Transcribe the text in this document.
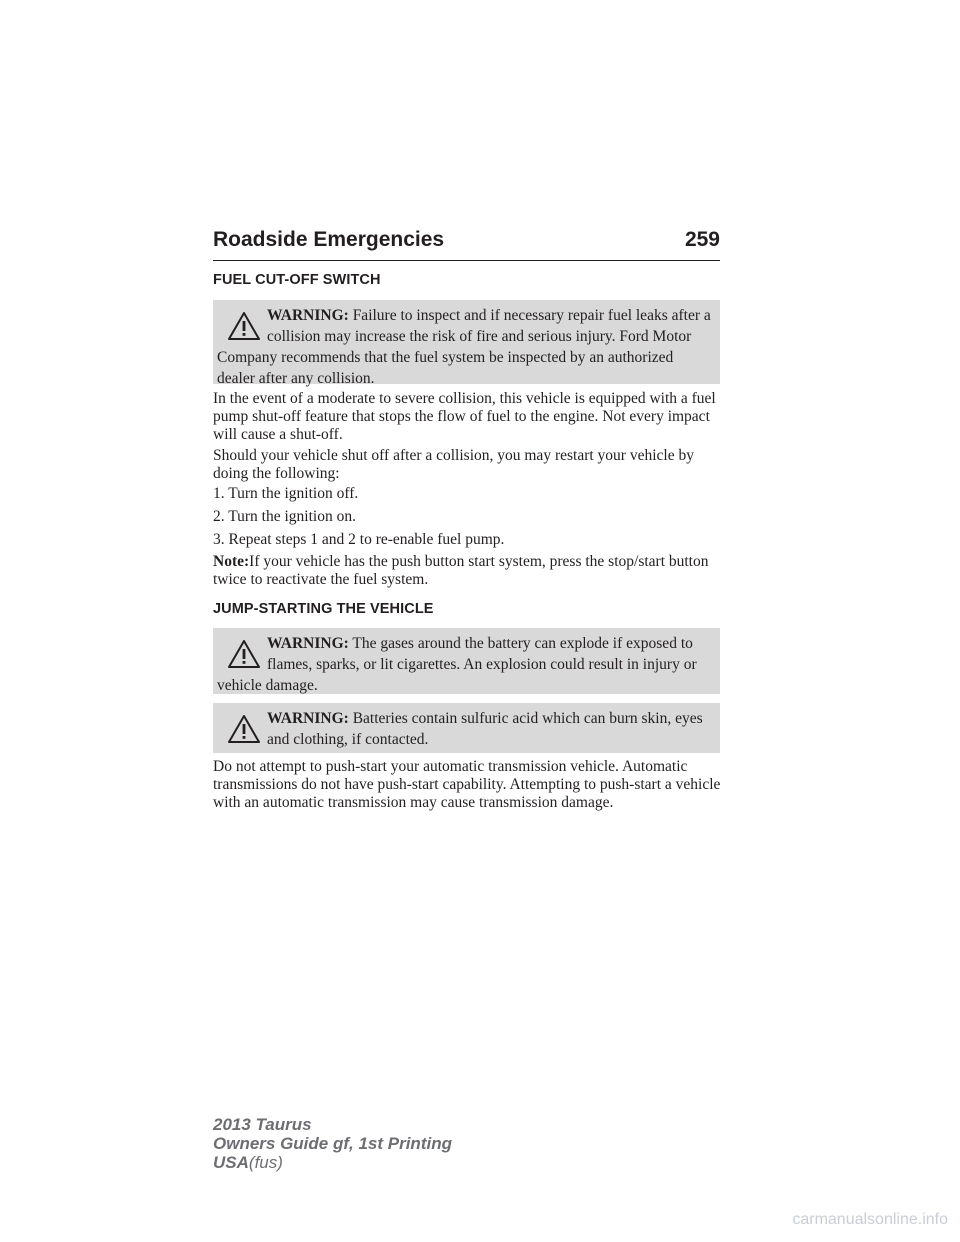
Roadside Emergencies	259
FUEL CUT-OFF SWITCH
WARNING: Failure to inspect and if necessary repair fuel leaks after a collision may increase the risk of fire and serious injury. Ford Motor Company recommends that the fuel system be inspected by an authorized dealer after any collision.
In the event of a moderate to severe collision, this vehicle is equipped with a fuel pump shut-off feature that stops the flow of fuel to the engine. Not every impact will cause a shut-off.
Should your vehicle shut off after a collision, you may restart your vehicle by doing the following:
1. Turn the ignition off.
2. Turn the ignition on.
3. Repeat steps 1 and 2 to re-enable fuel pump.
Note:If your vehicle has the push button start system, press the stop/start button twice to reactivate the fuel system.
JUMP-STARTING THE VEHICLE
WARNING: The gases around the battery can explode if exposed to flames, sparks, or lit cigarettes. An explosion could result in injury or vehicle damage.
WARNING: Batteries contain sulfuric acid which can burn skin, eyes and clothing, if contacted.
Do not attempt to push-start your automatic transmission vehicle. Automatic transmissions do not have push-start capability. Attempting to push-start a vehicle with an automatic transmission may cause transmission damage.
2013 Taurus
Owners Guide gf, 1st Printing
USA(fus)
carmanualsonline.info
